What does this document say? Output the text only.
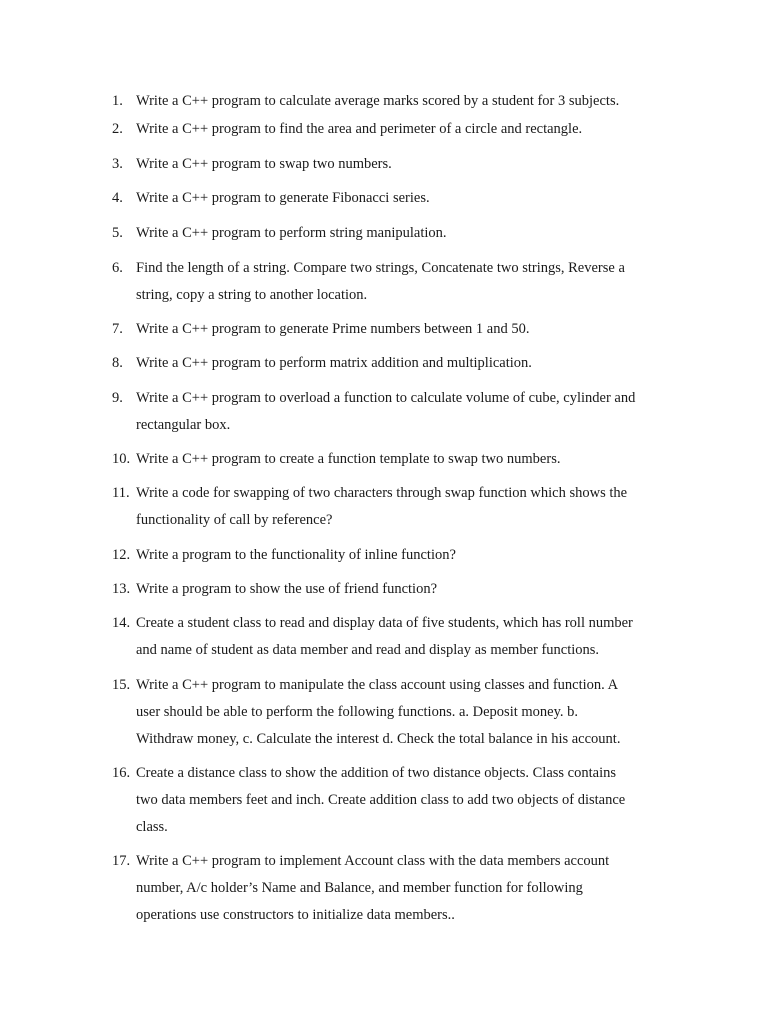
1. Write a C++ program to calculate average marks scored by a student for 3 subjects.
2. Write a C++ program to find the area and perimeter of a circle and rectangle.
3. Write a C++ program to swap two numbers.
4. Write a C++ program to generate Fibonacci series.
5. Write a C++ program to perform string manipulation.
6. Find the length of a string. Compare two strings, Concatenate two strings, Reverse a
string, copy a string to another location.
7. Write a C++ program to generate Prime numbers between 1 and 50.
8. Write a C++ program to perform matrix addition and multiplication.
9. Write a C++ program to overload a function to calculate volume of cube, cylinder and
rectangular box.
10. Write a C++ program to create a function template to swap two numbers.
11. Write a code for swapping of two characters through swap function which shows the
functionality of call by reference?
12. Write a program to the functionality of inline function?
13. Write a program to show the use of friend function?
14. Create a student class to read and display data of five students, which has roll number
and name of student as data member and read and display as member functions.
15. Write a C++ program to manipulate the class account using classes and function. A
user should be able to perform the following functions. a. Deposit money. b.
Withdraw money, c. Calculate the interest d. Check the total balance in his account.
16. Create a distance class to show the addition of two distance objects. Class contains
two data members feet and inch. Create addition class to add two objects of distance
class.
17. Write a C++ program to implement Account class with the data members account
number, A/c holder’s Name and Balance, and member function for following
operations use constructors to initialize data members..
